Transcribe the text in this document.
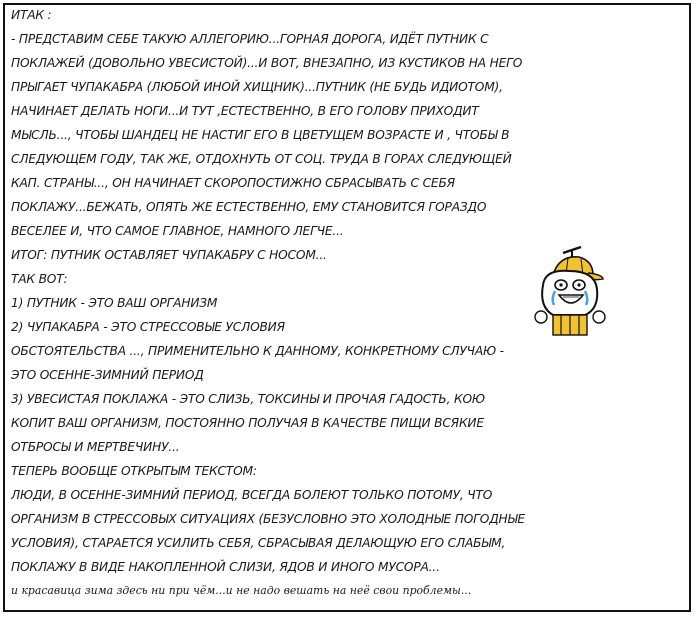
ИТАК :
- ПРЕДСТАВИМ СЕБЕ ТАКУЮ АЛЛЕГОРИЮ...ГОРНАЯ ДОРОГА, ИДЁТ ПУТНИК С
ПОКЛАЖЕЙ (ДОВОЛЬНО УВЕСИСТОЙ)...И ВОТ, ВНЕЗАПНО, ИЗ КУСТИКОВ НА НЕГО
ПРЫГАЕТ ЧУПАКАБРА (ЛЮБОЙ ИНОЙ ХИЩНИК)...ПУТНИК (НЕ БУДЬ ИДИОТОМ),
НАЧИНАЕТ ДЕЛАТЬ НОГИ...И ТУТ ,ЕСТЕСТВЕННО, В ЕГО ГОЛОВУ ПРИХОДИТ
МЫСЛЬ..., ЧТОБЫ ШАНДЕЦ НЕ НАСТИГ ЕГО В ЦВЕТУЩЕМ ВОЗРАСТЕ И , ЧТОБЫ В
СЛЕДУЮЩЕМ ГОДУ, ТАК ЖЕ, ОТДОХНУТЬ ОТ СОЦ. ТРУДА В ГОРАХ СЛЕДУЮЩЕЙ
КАП. СТРАНЫ..., ОН НАЧИНАЕТ СКОРОПОСТИЖНО СБРАСЫВАТЬ С СЕБЯ
ПОКЛАЖУ...БЕЖАТЬ, ОПЯТЬ ЖЕ ЕСТЕСТВЕННО, ЕМУ СТАНОВИТСЯ ГОРАЗДО
ВЕСЕЛЕЕ И, ЧТО САМОЕ ГЛАВНОЕ, НАМНОГО ЛЕГЧЕ...
ИТОГ: ПУТНИК ОСТАВЛЯЕТ ЧУПАКАБРУ С НОСОМ...
ТАК ВОТ:
1) ПУТНИК - ЭТО ВАШ ОРГАНИЗМ
2) ЧУПАКАБРА - ЭТО СТРЕССОВЫЕ УСЛОВИЯ
ОБСТОЯТЕЛЬСТВА ..., ПРИМЕНИТЕЛЬНО К ДАННОМУ, КОНКРЕТНОМУ СЛУЧАЮ -
ЭТО ОСЕННЕ-ЗИМНИЙ ПЕРИОД
3) УВЕСИСТАЯ ПОКЛАЖА - ЭТО СЛИЗЬ, ТОКСИНЫ И ПРОЧАЯ ГАДОСТЬ, КОЮ
КОПИТ ВАШ ОРГАНИЗМ, ПОСТОЯННО ПОЛУЧАЯ В КАЧЕСТВЕ ПИЩИ ВСЯКИЕ
ОТБРОСЫ И МЕРТВЕЧИНУ...
ТЕПЕРЬ ВООБЩЕ ОТКРЫТЫМ ТЕКСТОМ:
ЛЮДИ, В ОСЕННЕ-ЗИМНИЙ ПЕРИОД, ВСЕГДА БОЛЕЮТ ТОЛЬКО ПОТОМУ, ЧТО
ОРГАНИЗМ В СТРЕССОВЫХ СИТУАЦИЯХ (БЕЗУСЛОВНО ЭТО ХОЛОДНЫЕ ПОГОДНЫЕ
УСЛОВИЯ), СТАРАЕТСЯ УСИЛИТЬ СЕБЯ, СБРАСЫВАЯ ДЕЛАЮЩУЮ ЕГО СЛАБЫМ,
ПОКЛАЖУ В ВИДЕ НАКОПЛЕННОЙ СЛИЗИ, ЯДОВ И ИНОГО МУСОРА...
и красавица зима здесь ни при чём...и не надо вешать на неё свои проблемы...
